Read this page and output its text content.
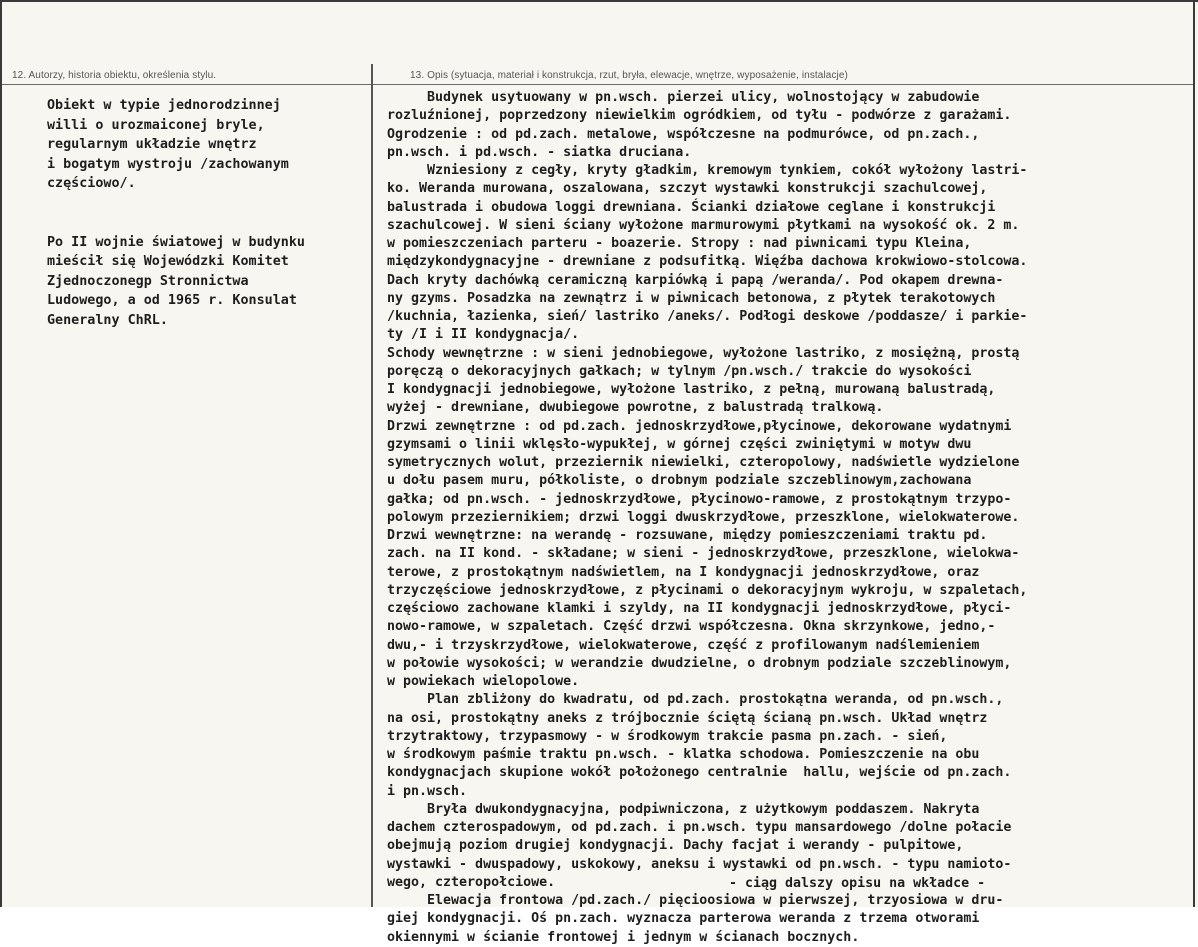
12. Autorzy, historia obiektu, określenia stylu.	13. Opis (sytuacja, materiał i konstrukcja, rzut, bryła, elewacje, wnętrze, wyposażenie, instalacje)
Obiekt w typie jednorodzinnej
willi o urozmaiconej bryle,
regularnym układzie wnętrz
i bogatym wystroju /zachowanym
częściowo/.
Po II wojnie światowej w budynku
mieścił się Wojewódzki Komitet
Zjednoczonegp Stronnictwa
Ludowego, a od 1965 r. Konsulat
Generalny ChRL.
Budynek usytuowany w pn.wsch. pierzei ulicy, wolnostojący w zabudowie
rozluźnionej, poprzedzony niewielkim ogródkiem, od tyłu - podwórze z garażami.
Ogrodzenie : od pd.zach. metalowe, współczesne na podmurówce, od pn.zach.,
pn.wsch. i pd.wsch. - siatka druciana.
Wzniesiony z cegły, kryty gładkim, kremowym tynkiem, cokół wyłożony lastri-
ko. Weranda murowana, oszalowana, szczyt wystawki konstrukcji szachulcowej,
balustrada i obudowa loggi drewniana. Ścianki działowe ceglane i konstrukcji
szachulcowej. W sieni ściany wyłożone marmurowymi płytkami na wysokość ok. 2 m.
w pomieszczeniach parteru - boazerie. Stropy : nad piwnicami typu Kleina,
międzykondygnacyjne - drewniane z podsufitką. Więźba dachowa krokwiowo-stolcowa.
Dach kryty dachówką ceramiczną karpiówką i papą /weranda/. Pod okapem drewna-
ny gzyms. Posadzka na zewnątrz i w piwnicach betonowa, z płytek terakotowych
/kuchnia, łazienka, sień/ lastriko /aneks/. Podłogi deskowe /poddasze/ i parkie-
ty /I i II kondygnacja/.
Schody wewnętrzne : w sieni jednobiegowe, wyłożone lastriko, z mosiężną, prostą
poręczą o dekoracyjnych gałkach; w tylnym /pn.wsch./ trakcie do wysokości
I kondygnacji jednobiegowe, wyłożone lastriko, z pełną, murowaną balustradą,
wyżej - drewniane, dwubiegowe powrotne, z balustradą tralkową.
Drzwi zewnętrzne : od pd.zach. jednoskrzydłowe,płycinowe, dekorowane wydatnymi
gzymsami o linii wklęsło-wypukłej, w górnej części zwiniętymi w motyw dwu
symetrycznych wolut, przeziernik niewielki, czteropolowy, nadświetle wydzielone
u dołu pasem muru, półkoliste, o drobnym podziale szczeblinowym,zachowana
gałka; od pn.wsch. - jednoskrzydłowe, płycinowo-ramowe, z prostokątnym trzypo-
polowym przeziernikiem; drzwi loggi dwuskrzydłowe, przeszklone, wielokwaterowe.
Drzwi wewnętrzne: na werandę - rozsuwane, między pomieszczeniami traktu pd.
zach. na II kond. - składane; w sieni - jednoskrzydłowe, przeszklone, wielokwa-
terowe, z prostokątnym nadświetlem, na I kondygnacji jednoskrzydłowe, oraz
trzyczęściowe jednoskrzydłowe, z płycinami o dekoracyjnym wykroju, w szpaletach,
częściowo zachowane klamki i szyldy, na II kondygnacji jednoskrzydłowe, płyci-
nowo-ramowe, w szpaletach. Część drzwi współczesna. Okna skrzynkowe, jedno,-
dwu,- i trzyskrzydłowe, wielokwaterowe, część z profilowanym nadślemieniem
w połowie wysokości; w werandzie dwudzielne, o drobnym podziale szczeblinowym,
w powiekach wielopolowe.
Plan zbliżony do kwadratu, od pd.zach. prostokątna weranda, od pn.wsch.,
na osi, prostokątny aneks z trójbocznie ściętą ścianą pn.wsch. Układ wnętrz
trzytraktowy, trzypasmowy - w środkowym trakcie pasma pn.zach. - sień,
w środkowym paśmie traktu pn.wsch. - klatka schodowa. Pomieszczenie na obu
kondygnacjach skupione wokół położonego centralnie  hallu, wejście od pn.zach.
i pn.wsch.
Bryła dwukondygnacyjna, podpiwniczona, z użytkowym poddaszem. Nakryta
dachem czterospadowym, od pd.zach. i pn.wsch. typu mansardowego /dolne połacie
obejmują poziom drugiej kondygnacji. Dachy facjat i werandy - pulpitowe,
wystawki - dwuspadowy, uskokowy, aneksu i wystawki od pn.wsch. - typu namioto-
wego, czteropołciowe.
Elewacja frontowa /pd.zach./ pięcioosiowa w pierwszej, trzyosiowa w dru-
giej kondygnacji. Oś pn.zach. wyznacza parterowa weranda z trzema otworami
okiennymi w ścianie frontowej i jednym w ścianach bocznych.
- ciąg dalszy opisu na wkładce -
